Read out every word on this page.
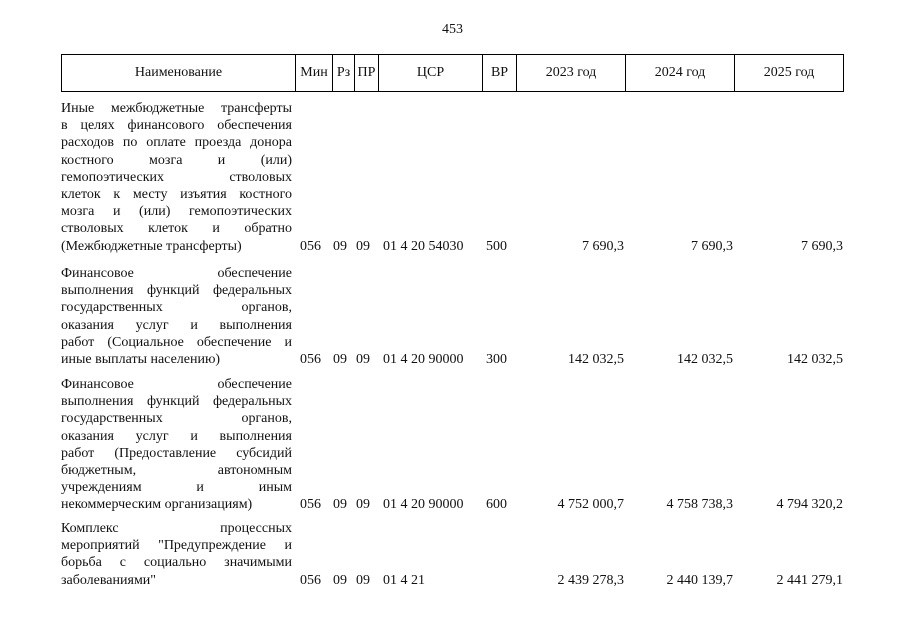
453
Наименование	Мин	Рз	ПР	ЦСР	ВР	2023 год	2024 год	2025 год
Иные межбюджетные трансферты
в целях финансового обеспечения
расходов по оплате проезда донора
костного мозга и (или)
гемопоэтических стволовых
клеток к месту изъятия костного
мозга и (или) гемопоэтических
стволовых клеток и обратно
(Межбюджетные трансферты)	056 09 09 01 4 20 54030 500	7 690,3	7 690,3	7 690,3
Финансовое обеспечение
выполнения функций федеральных
государственных органов,
оказания услуг и выполнения
работ (Социальное обеспечение и
иные выплаты населению)	056 09 09 01 4 20 90000 300	142 032,5	142 032,5	142 032,5
Финансовое обеспечение
выполнения функций федеральных
государственных органов,
оказания услуг и выполнения
работ (Предоставление субсидий
бюджетным, автономным
учреждениям и иным
некоммерческим организациям)	056 09 09 01 4 20 90000 600	4 752 000,7	4 758 738,3	4 794 320,2
Комплекс процессных
мероприятий "Предупреждение и
борьба с социально значимыми
заболеваниями"	056 09 09 01 4 21	2 439 278,3	2 440 139,7	2 441 279,1
